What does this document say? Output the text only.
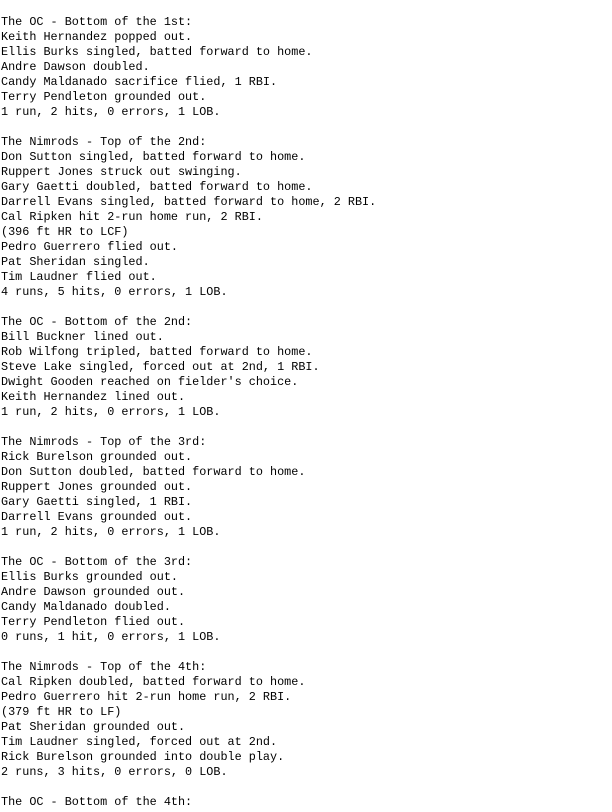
The OC - Bottom of the 1st:
Keith Hernandez popped out.
Ellis Burks singled, batted forward to home.
Andre Dawson doubled.
Candy Maldanado sacrifice flied, 1 RBI.
Terry Pendleton grounded out.
1 run, 2 hits, 0 errors, 1 LOB.
The Nimrods - Top of the 2nd:
Don Sutton singled, batted forward to home.
Ruppert Jones struck out swinging.
Gary Gaetti doubled, batted forward to home.
Darrell Evans singled, batted forward to home, 2 RBI.
Cal Ripken hit 2-run home run, 2 RBI.
(396 ft HR to LCF)
Pedro Guerrero flied out.
Pat Sheridan singled.
Tim Laudner flied out.
4 runs, 5 hits, 0 errors, 1 LOB.
The OC - Bottom of the 2nd:
Bill Buckner lined out.
Rob Wilfong tripled, batted forward to home.
Steve Lake singled, forced out at 2nd, 1 RBI.
Dwight Gooden reached on fielder's choice.
Keith Hernandez lined out.
1 run, 2 hits, 0 errors, 1 LOB.
The Nimrods - Top of the 3rd:
Rick Burelson grounded out.
Don Sutton doubled, batted forward to home.
Ruppert Jones grounded out.
Gary Gaetti singled, 1 RBI.
Darrell Evans grounded out.
1 run, 2 hits, 0 errors, 1 LOB.
The OC - Bottom of the 3rd:
Ellis Burks grounded out.
Andre Dawson grounded out.
Candy Maldanado doubled.
Terry Pendleton flied out.
0 runs, 1 hit, 0 errors, 1 LOB.
The Nimrods - Top of the 4th:
Cal Ripken doubled, batted forward to home.
Pedro Guerrero hit 2-run home run, 2 RBI.
(379 ft HR to LF)
Pat Sheridan grounded out.
Tim Laudner singled, forced out at 2nd.
Rick Burelson grounded into double play.
2 runs, 3 hits, 0 errors, 0 LOB.
The OC - Bottom of the 4th:
